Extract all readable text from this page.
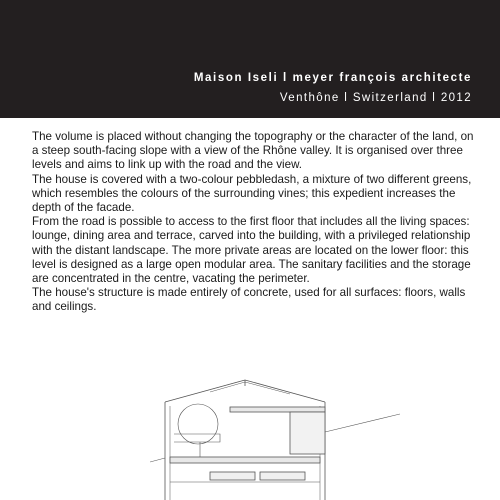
Maison Iseli l meyer françois architecte
Venthône l Switzerland l 2012

The volume is placed without changing the topography or the character of the land, on a steep south-facing slope with a view of the Rhône valley. It is organised over three levels and aims to link up with the road and the view.

The house is covered with a two-colour pebbledash, a mixture of two different greens, which resembles the colours of the surrounding vines; this expedient increases the depth of the facade.

From the road is possible to access to the first floor that includes all the living spaces: lounge, dining area and terrace, carved into the building, with a privileged relationship with the distant landscape. The more private areas are located on the lower floor: this level is designed as a large open modular area. The sanitary facilities and the storage are concentrated in the centre, vacating the perimeter.

The house's structure is made entirely of concrete, used for all surfaces: floors, walls and ceilings.
